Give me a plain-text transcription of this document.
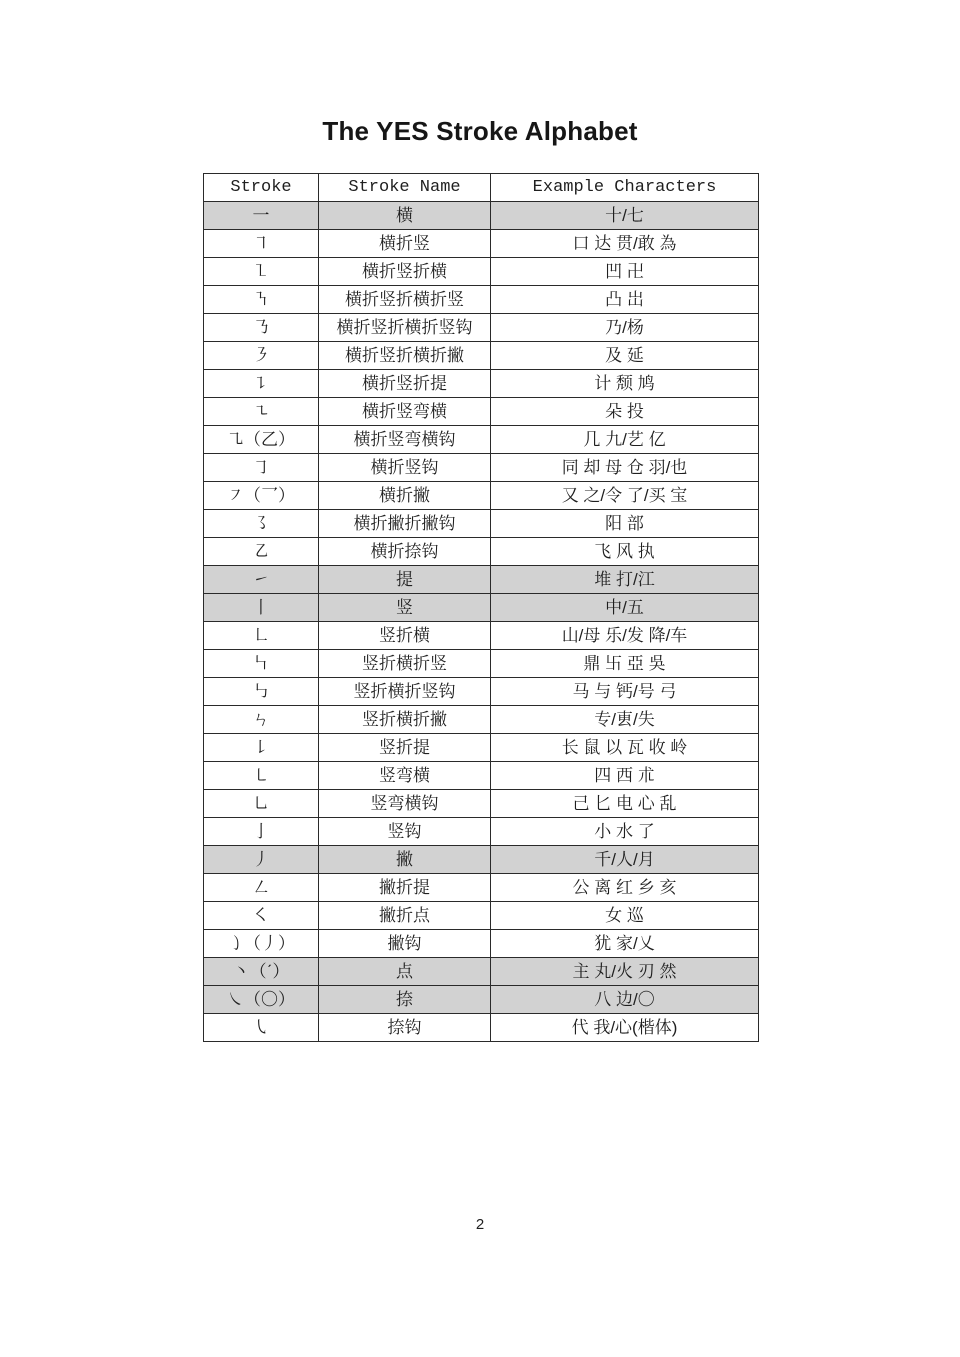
The YES Stroke Alphabet
Stroke	Stroke Name	Example Characters
一	横	十/七
㇕	横折竖	口 达 贯/敢 為
㇅	横折竖折横	凹 卍
㇎	横折竖折横折竖	凸 岀
㇡	横折竖折横折竖钩	乃/杨
㇋	横折竖折横折撇	及 延
㇊	横折竖折提	计 颓 鸠
㇍	横折竖弯横	朵 投
㇈（乙）	横折竖弯横钩	几 九/艺 亿
㇆	横折竖钩	同 却 母 仓 羽/也
㇇（乛）	横折撇	又 之/令 了/买 宝
㇌	横折撇折撇钩	阳 部
㇠	横折捺钩	飞 风 执
㇀	提	堆 打/江
丨	竖	中/五
㇗	竖折横	山/母 乐/发 降/车
㇞	竖折横折竖	鼎 卐 亞 吳
㇉	竖折横折竖钩	马 与 钙/号 弓
ㄣ	竖折横折撇	专/叀/失
㇙	竖折提	长 鼠 以 瓦 收 岭
㇄	竖弯横	四 西 朮
㇟	竖弯横钩	己 匕 电 心 乱
亅	竖钩	小 水 了
丿	撇	千/人/月
㇜	撇折提	公 离 红 乡 亥
㇛	撇折点	女 巡
㇁（丿）	撇钩	犹 家/乂
丶（ˊ）	点	主 丸/火 刃 然
㇏（〇）	捺	八 边/〇
㇂	捺钩	代 我/心(楷体)
2
